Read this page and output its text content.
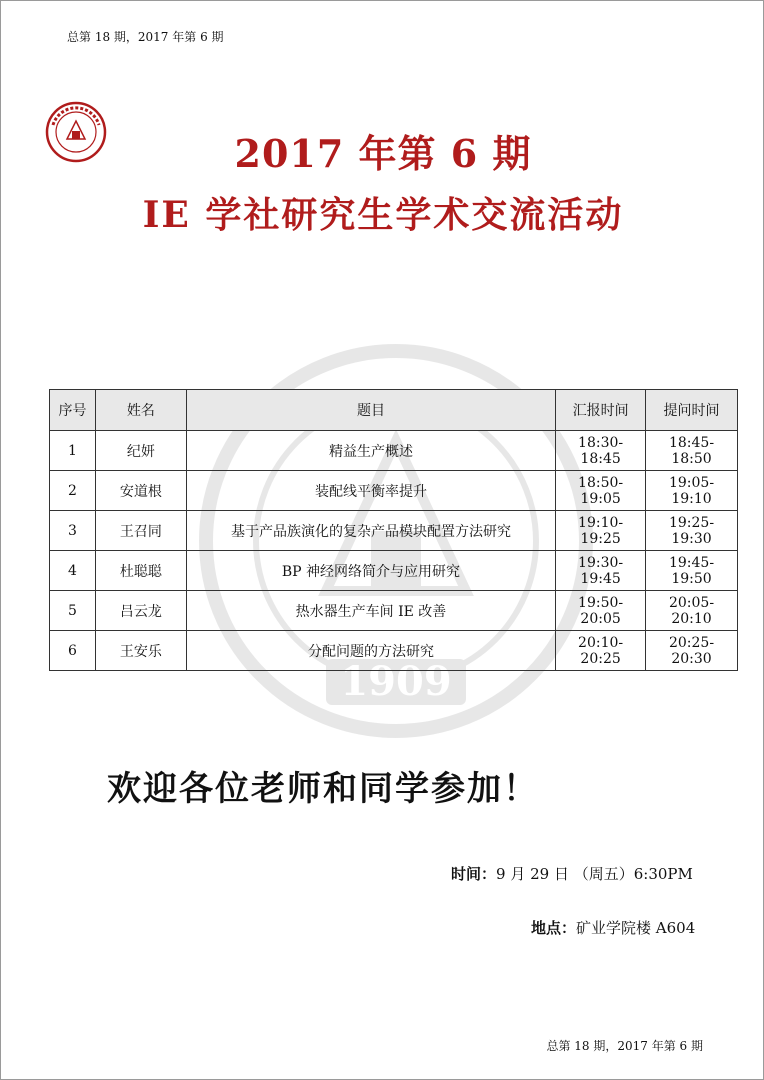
总第 18 期，2017 年第 6 期
1909
2017 年第 6 期
IE 学社研究生学术交流活动
序号	姓名	题目	汇报时间	提问时间
1	纪妍	精益生产概述	18:30-18:45	18:45-18:50
2	安道根	装配线平衡率提升	18:50-19:05	19:05-19:10
3	王召同	基于产品族演化的复杂产品模块配置方法研究	19:10-19:25	19:25-19:30
4	杜聪聪	BP 神经网络简介与应用研究	19:30-19:45	19:45-19:50
5	吕云龙	热水器生产车间 IE 改善	19:50-20:05	20:05-20:10
6	王安乐	分配问题的方法研究	20:10-20:25	20:25-20:30
欢迎各位老师和同学参加！
时间：9 月 29 日 （周五）6:30PM
地点：矿业学院楼 A604
总第 18 期，2017 年第 6 期
